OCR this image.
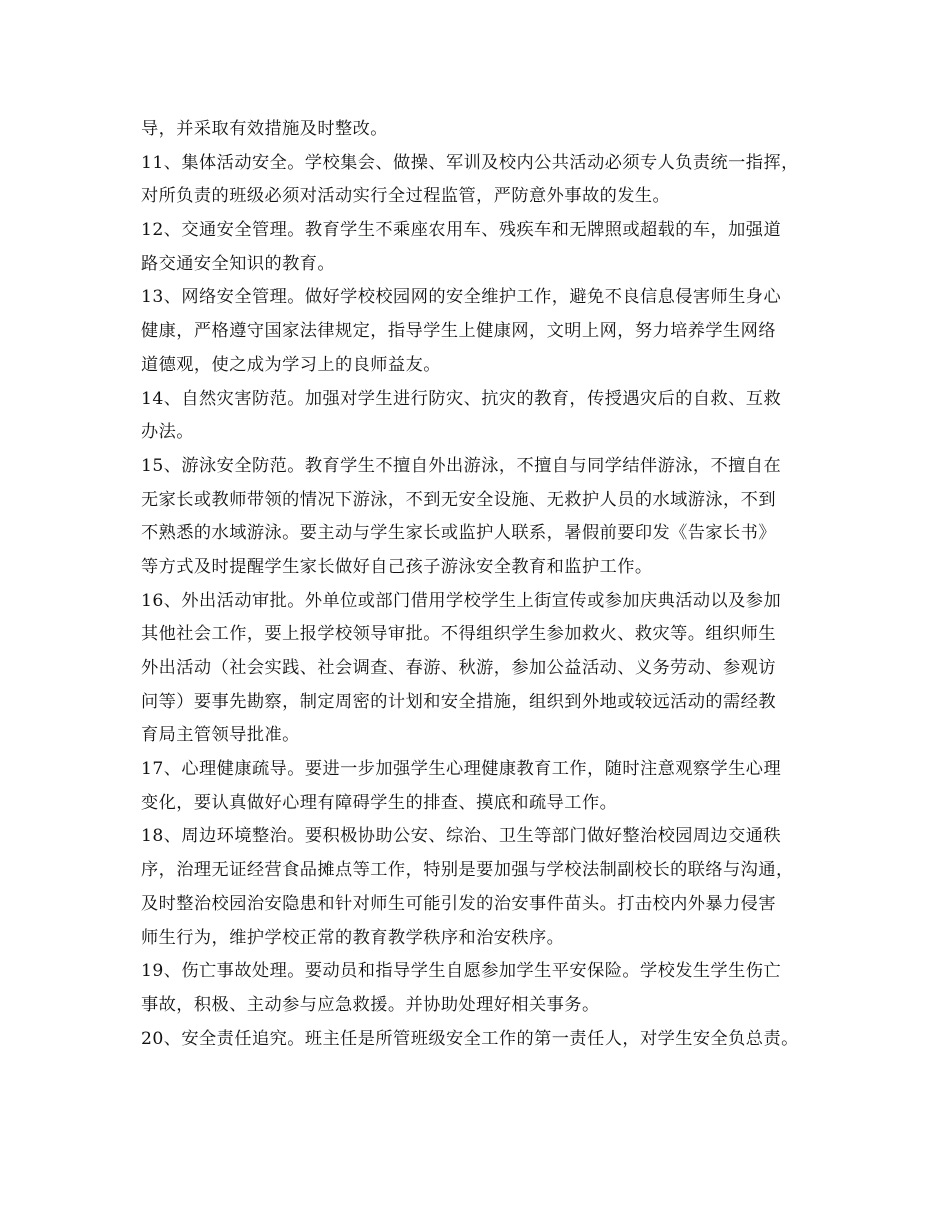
导，并采取有效措施及时整改。
11、集体活动安全。学校集会、做操、军训及校内公共活动必须专人负责统一指挥，
对所负责的班级必须对活动实行全过程监管，严防意外事故的发生。
12、交通安全管理。教育学生不乘座农用车、残疾车和无牌照或超载的车，加强道
路交通安全知识的教育。
13、网络安全管理。做好学校校园网的安全维护工作，避免不良信息侵害师生身心
健康，严格遵守国家法律规定，指导学生上健康网，文明上网，努力培养学生网络
道德观，使之成为学习上的良师益友。
14、自然灾害防范。加强对学生进行防灾、抗灾的教育，传授遇灾后的自救、互救
办法。
15、游泳安全防范。教育学生不擅自外出游泳，不擅自与同学结伴游泳，不擅自在
无家长或教师带领的情况下游泳，不到无安全设施、无救护人员的水域游泳，不到
不熟悉的水域游泳。要主动与学生家长或监护人联系，暑假前要印发《告家长书》
等方式及时提醒学生家长做好自己孩子游泳安全教育和监护工作。
16、外出活动审批。外单位或部门借用学校学生上街宣传或参加庆典活动以及参加
其他社会工作，要上报学校领导审批。不得组织学生参加救火、救灾等。组织师生
外出活动（社会实践、社会调查、春游、秋游，参加公益活动、义务劳动、参观访
问等）要事先勘察，制定周密的计划和安全措施，组织到外地或较远活动的需经教
育局主管领导批准。
17、心理健康疏导。要进一步加强学生心理健康教育工作，随时注意观察学生心理
变化，要认真做好心理有障碍学生的排查、摸底和疏导工作。
18、周边环境整治。要积极协助公安、综治、卫生等部门做好整治校园周边交通秩
序，治理无证经营食品摊点等工作，特别是要加强与学校法制副校长的联络与沟通，
及时整治校园治安隐患和针对师生可能引发的治安事件苗头。打击校内外暴力侵害
师生行为，维护学校正常的教育教学秩序和治安秩序。
19、伤亡事故处理。要动员和指导学生自愿参加学生平安保险。学校发生学生伤亡
事故，积极、主动参与应急救援。并协助处理好相关事务。
20、安全责任追究。班主任是所管班级安全工作的第一责任人，对学生安全负总责。
